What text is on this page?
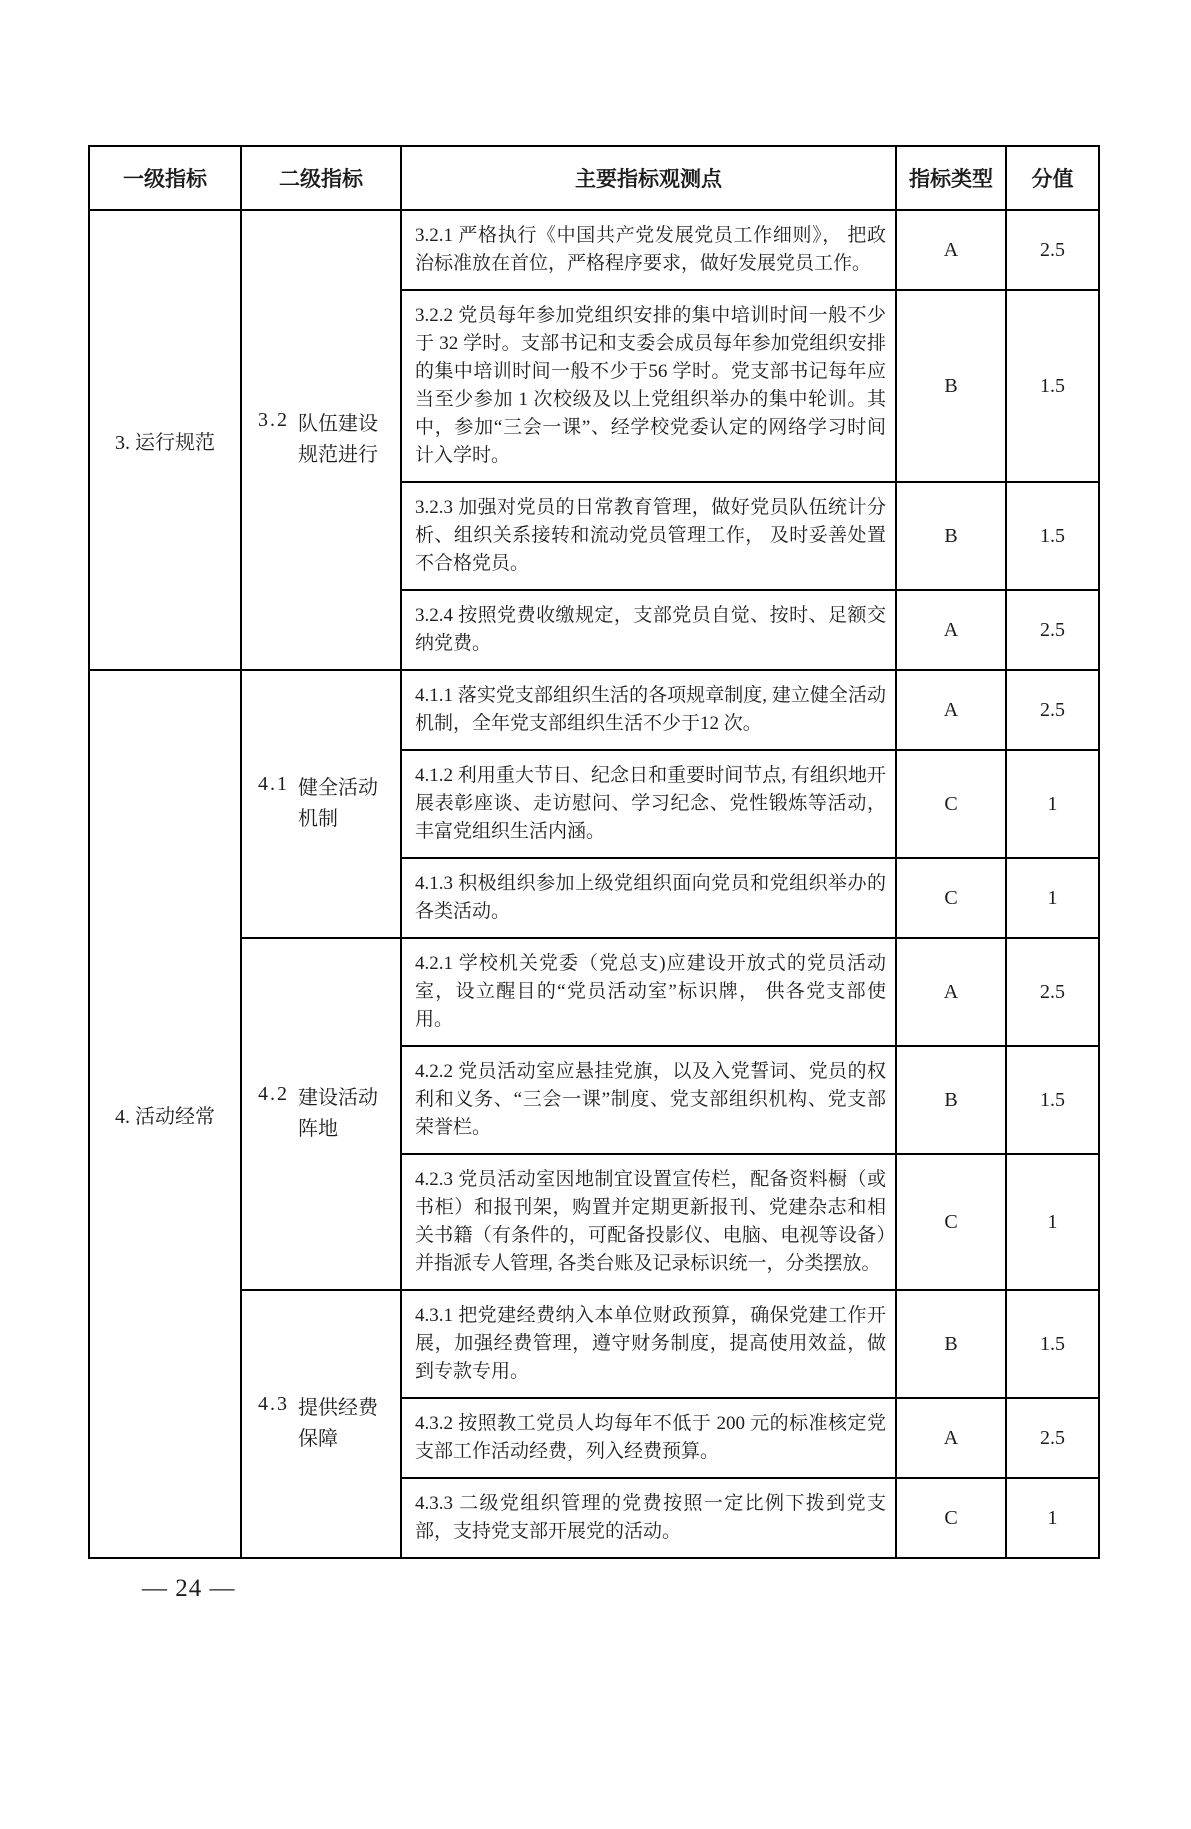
一级指标	二级指标	主要指标观测点	指标类型	分值
3. 运行规范	3.2 队伍建设规范进行	3.2.1 严格执行《中国共产党发展党员工作细则》， 把政治标准放在首位，严格程序要求，做好发展党员工作。	A	2.5
		3.2.2 党员每年参加党组织安排的集中培训时间一般不少于 32 学时。支部书记和支委会成员每年参加党组织安排的集中培训时间一般不少于56 学时。党支部书记每年应当至少参加 1 次校级及以上党组织举办的集中轮训。其中，参加“三会一课”、经学校党委认定的网络学习时间计入学时。	B	1.5
		3.2.3 加强对党员的日常教育管理，做好党员队伍统计分析、组织关系接转和流动党员管理工作， 及时妥善处置不合格党员。	B	1.5
		3.2.4 按照党费收缴规定，支部党员自觉、按时、足额交纳党费。	A	2.5
4. 活动经常	4.1 健全活动机制	4.1.1 落实党支部组织生活的各项规章制度, 建立健全活动机制，全年党支部组织生活不少于12 次。	A	2.5
		4.1.2 利用重大节日、纪念日和重要时间节点, 有组织地开展表彰座谈、走访慰问、学习纪念、党性锻炼等活动，丰富党组织生活内涵。	C	1
		4.1.3 积极组织参加上级党组织面向党员和党组织举办的各类活动。	C	1
	4.2 建设活动阵地	4.2.1 学校机关党委（党总支)应建设开放式的党员活动室，设立醒目的“党员活动室”标识牌， 供各党支部使用。	A	2.5
		4.2.2 党员活动室应悬挂党旗，以及入党誓词、党员的权利和义务、“三会一课”制度、党支部组织机构、党支部荣誉栏。	B	1.5
		4.2.3 党员活动室因地制宜设置宣传栏，配备资料橱（或书柜）和报刊架，购置并定期更新报刊、党建杂志和相关书籍（有条件的，可配备投影仪、电脑、电视等设备）并指派专人管理, 各类台账及记录标识统一，分类摆放。	C	1
	4.3 提供经费保障	4.3.1 把党建经费纳入本单位财政预算，确保党建工作开展，加强经费管理，遵守财务制度，提高使用效益，做到专款专用。	B	1.5
		4.3.2 按照教工党员人均每年不低于 200 元的标准核定党支部工作活动经费，列入经费预算。	A	2.5
		4.3.3 二级党组织管理的党费按照一定比例下拨到党支部，支持党支部开展党的活动。	C	1
— 24 —
